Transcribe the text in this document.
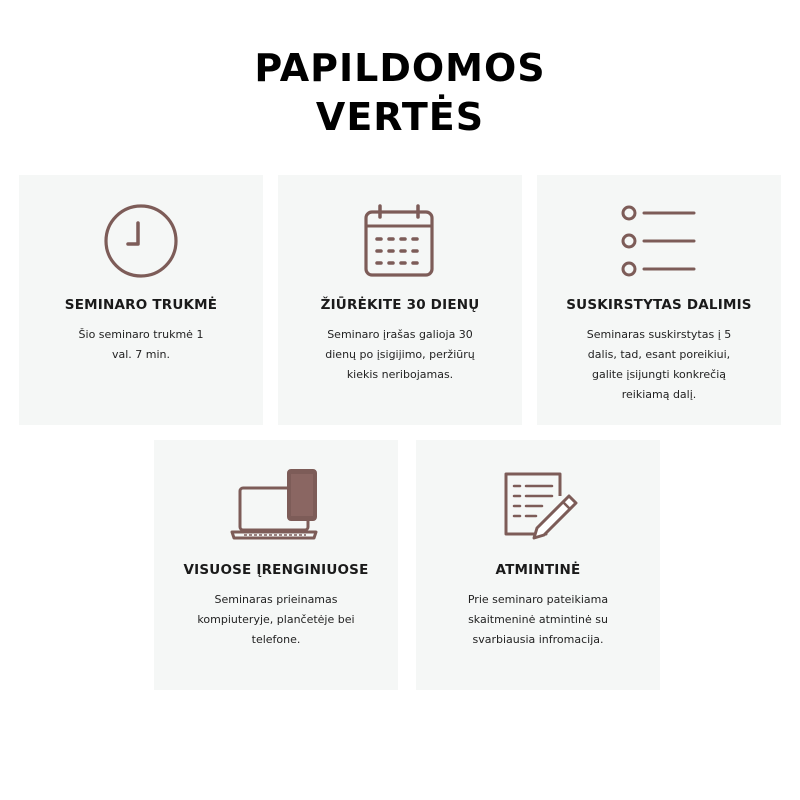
PAPILDOMOS
VERTĖS
SEMINARO TRUKMĖ
Šio seminaro trukmė 1 val. 7 min.
ŽIŪRĖKITE 30 DIENŲ
Seminaro įrašas galioja 30 dienų po įsigijimo, peržiūrų kiekis neribojamas.
SUSKIRSTYTAS DALIMIS
Seminaras suskirstytas į 5 dalis, tad, esant poreikiui, galite įsijungti konkrečią reikiamą dalį.
VISUOSE ĮRENGINIUOSE
Seminaras prieinamas kompiuteryje, plančetėje bei telefone.
ATMINTINĖ
Prie seminaro pateikiama skaitmeninė atmintinė su svarbiausia infromacija.
